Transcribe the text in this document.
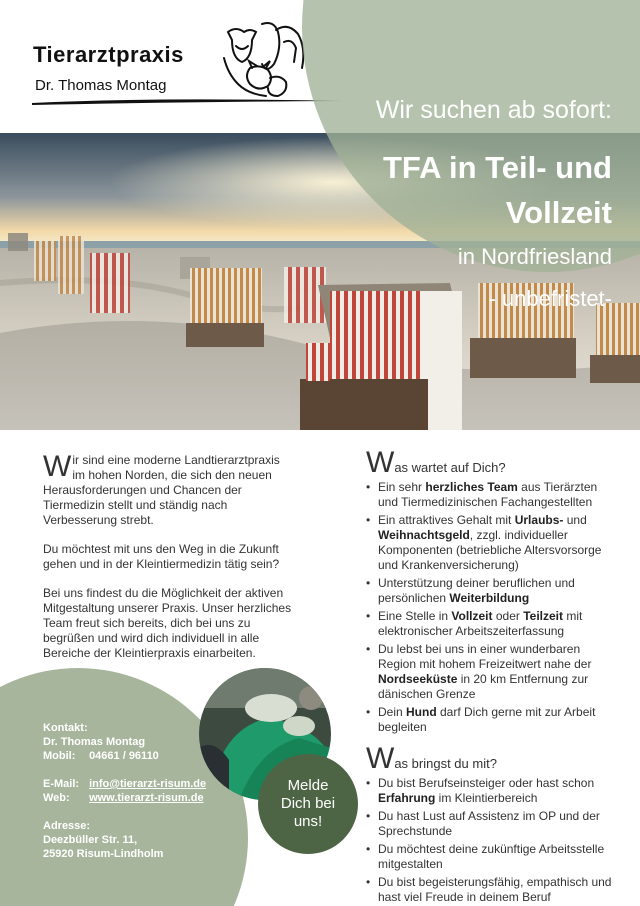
Tierarztpraxis
Dr. Thomas Montag
Wir suchen ab sofort:
TFA in Teil- und
Vollzeit
in Nordfriesland
- unbefristet-

Wir sind eine moderne Landtierarztpraxis im hohen Norden, die sich den neuen Herausforderungen und Chancen der Tiermedizin stellt und ständig nach Verbesserung strebt.

Du möchtest mit uns den Weg in die Zukunft gehen und in der Kleintiermedizin tätig sein?

Bei uns findest du die Möglichkeit der aktiven Mitgestaltung unserer Praxis. Unser herzliches Team freut sich bereits, dich bei uns zu begrüßen und wird dich individuell in alle Bereiche der Kleintierpraxis einarbeiten.

Was wartet auf Dich?
• Ein sehr herzliches Team aus Tierärzten und Tiermedizinischen Fachangestellten
• Ein attraktives Gehalt mit Urlaubs- und Weihnachtsgeld, zzgl. individueller Komponenten (betriebliche Altersvorsorge und Krankenversicherung)
• Unterstützung deiner beruflichen und persönlichen Weiterbildung
• Eine Stelle in Vollzeit oder Teilzeit mit elektronischer Arbeitszeiterfassung
• Du lebst bei uns in einer wunderbaren Region mit hohem Freizeitwert nahe der Nordseeküste in 20 km Entfernung zur dänischen Grenze
• Dein Hund darf Dich gerne mit zur Arbeit begleiten
Was bringst du mit?
• Du bist Berufseinsteiger oder hast schon Erfahrung im Kleintierbereich
• Du hast Lust auf Assistenz im OP und der Sprechstunde
• Du möchtest deine zukünftige Arbeitsstelle mitgestalten
• Du bist begeisterungsfähig, empathisch und hast viel Freude in deinem Beruf
Kontakt:
Dr. Thomas Montag
Mobil: 04661 / 96110
E-Mail: info@tierarzt-risum.de
Web: www.tierarzt-risum.de
Adresse:
Deezbüller Str. 11,
25920 Risum-Lindholm
Melde Dich bei uns!
